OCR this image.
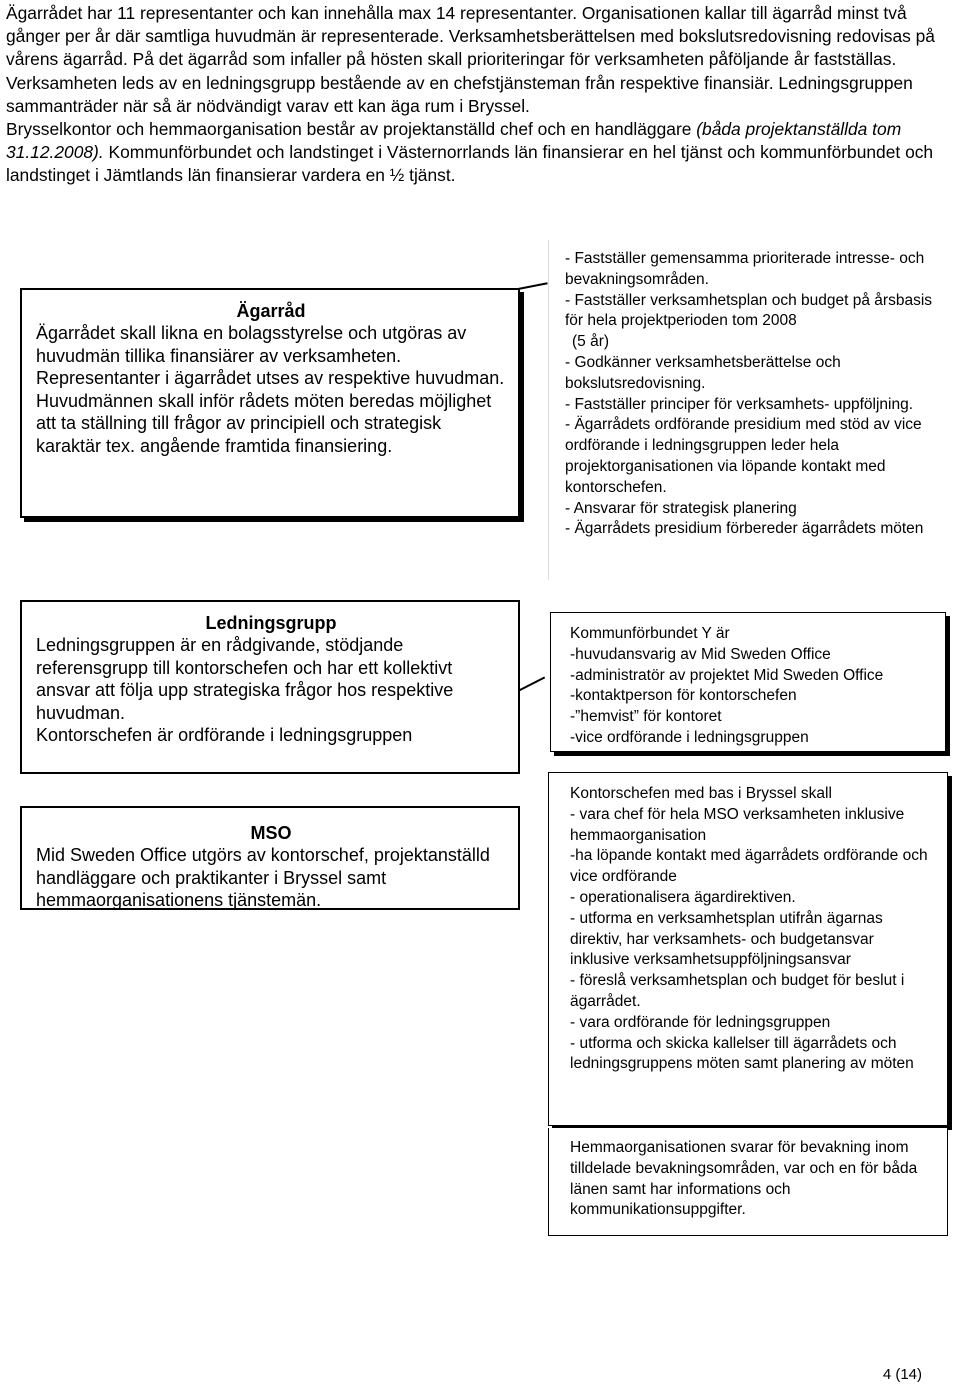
Ägarrådet har 11 representanter och kan innehålla max 14 representanter. Organisationen kallar till ägarråd minst två gånger per år där samtliga huvudmän är representerade. Verksamhetsberättelsen med bokslutsredovisning redovisas på vårens ägarråd. På det ägarråd som infaller på hösten skall prioriteringar för verksamheten påföljande år fastställas. Verksamheten leds av en ledningsgrupp bestående av en chefstjänsteman från respektive finansiär. Ledningsgruppen sammanträder när så är nödvändigt varav ett kan äga rum i Bryssel.

Brysselkontor och hemmaorganisation består av projektanställd chef och en handläggare (båda projektanställda tom 31.12.2008). Kommunförbundet och landstinget i Västernorrlands län finansierar en hel tjänst och kommunförbundet och landstinget i Jämtlands län finansierar vardera en ½ tjänst.

Ägarråd
Ägarrådet skall likna en bolagsstyrelse och utgöras av huvudmän tillika finansiärer av verksamheten. Representanter i ägarrådet utses av respektive huvudman. Huvudmännen skall inför rådets möten beredas möjlighet att ta ställning till frågor av principiell och strategisk karaktär tex. angående framtida finansiering.
- Fastställer gemensamma prioriterade intresse- och bevakningsområden.
- Fastställer verksamhetsplan och budget på årsbasis för hela projektperioden tom 2008
(5 år)
- Godkänner verksamhetsberättelse och bokslutsredovisning.
- Fastställer principer för verksamhets- uppföljning.
- Ägarrådets ordförande presidium med stöd av vice ordförande i ledningsgruppen leder hela projektorganisationen via löpande kontakt med kontorschefen.
- Ansvarar för strategisk planering
- Ägarrådets presidium förbereder ägarrådets möten
Ledningsgrupp
Ledningsgruppen är en rådgivande, stödjande referensgrupp till kontorschefen och har ett kollektivt ansvar att följa upp strategiska frågor hos respektive huvudman.
Kontorschefen är ordförande i ledningsgruppen
Kommunförbundet Y är
-huvudansvarig av Mid Sweden Office
-administratör av projektet Mid Sweden Office
-kontaktperson för kontorschefen
-”hemvist” för kontoret
-vice ordförande i ledningsgruppen
MSO
Mid Sweden Office utgörs av kontorschef, projektanställd handläggare och praktikanter i Bryssel samt hemmaorganisationens tjänstemän.
Kontorschefen med bas i Bryssel skall
- vara chef för hela MSO verksamheten inklusive hemmaorganisation
-ha löpande kontakt med ägarrådets ordförande och vice ordförande
- operationalisera ägardirektiven.
- utforma en verksamhetsplan utifrån ägarnas direktiv, har verksamhets- och budgetansvar inklusive verksamhetsuppföljningsansvar
- föreslå verksamhetsplan och budget för beslut i ägarrådet.
- vara ordförande för ledningsgruppen
- utforma och skicka kallelser till ägarrådets och ledningsgruppens möten samt planering av möten
Hemmaorganisationen svarar för bevakning inom tilldelade bevakningsområden, var och en för båda länen samt har informations och kommunikationsuppgifter.
4 (14)
